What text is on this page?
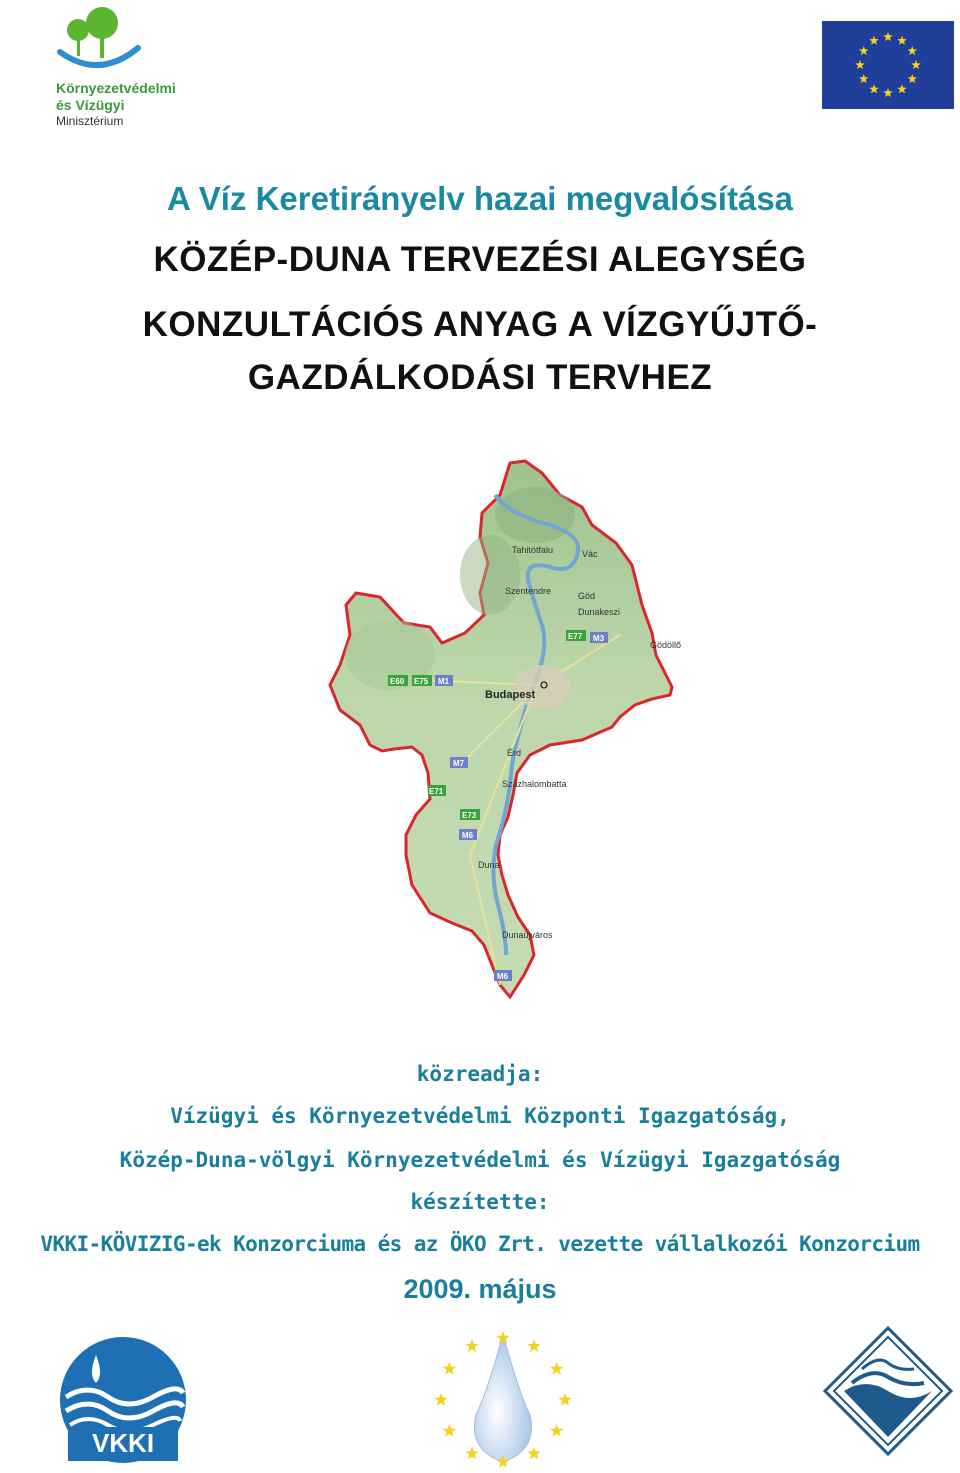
Környezetvédelmi
és Vízügyi
Minisztérium
A Víz Keretirányelv hazai megvalósítása
KÖZÉP-DUNA TERVEZÉSI ALEGYSÉG
KONZULTÁCIÓS ANYAG A VÍZGYŰJTŐ-
GAZDÁLKODÁSI TERVHEZ
Tahitótfalu	Vác
Szentendre	Göd
Dunakeszi
Gödöllő
Budapest
Érd
Százhalombatta
Duna
Dunaújváros
E77 M3
E60 E75 M1
M7
E71
E73
M6
M6
közreadja:
Vízügyi és Környezetvédelmi Központi Igazgatóság,
Közép-Duna-völgyi Környezetvédelmi és Vízügyi Igazgatóság
készítette:
VKKI-KÖVIZIG-ek Konzorciuma és az ÖKO Zrt. vezette vállalkozói Konzorcium
2009. május
VKKI
